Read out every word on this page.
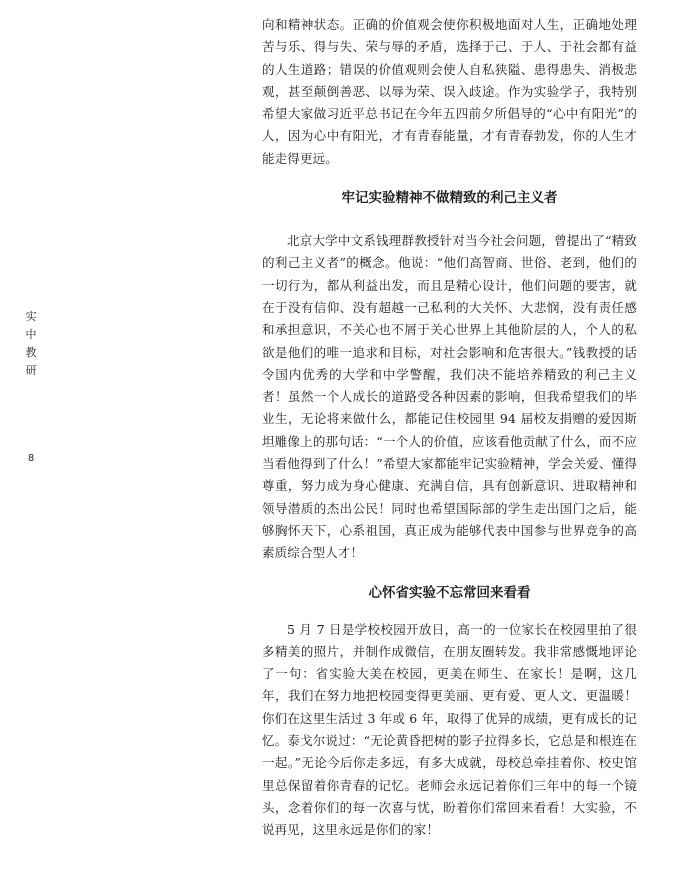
实中教研
8

向和精神状态。正确的价值观会使你积极地面对人生，正确地处理苦与乐、得与失、荣与辱的矛盾，选择于己、于人、于社会都有益的人生道路；错误的价值观则会使人自私狭隘、患得患失、消极悲观，甚至颠倒善恶、以辱为荣、误入歧途。作为实验学子，我特别希望大家做习近平总书记在今年五四前夕所倡导的“心中有阳光”的人，因为心中有阳光，才有青春能量，才有青春勃发，你的人生才能走得更远。

牢记实验精神不做精致的利己主义者

北京大学中文系钱理群教授针对当今社会问题，曾提出了“精致的利己主义者”的概念。他说：“他们高智商、世俗、老到，他们的一切行为，都从利益出发，而且是精心设计，他们问题的要害，就在于没有信仰、没有超越一己私利的大关怀、大悲悯，没有责任感和承担意识，不关心也不屑于关心世界上其他阶层的人，个人的私欲是他们的唯一追求和目标，对社会影响和危害很大。”钱教授的话令国内优秀的大学和中学警醒，我们决不能培养精致的利己主义者！虽然一个人成长的道路受各种因素的影响，但我希望我们的毕业生，无论将来做什么，都能记住校园里 94 届校友捐赠的爱因斯坦雕像上的那句话：“一个人的价值，应该看他贡献了什么，而不应当看他得到了什么！”希望大家都能牢记实验精神，学会关爱、懂得尊重，努力成为身心健康、充满自信，具有创新意识、进取精神和领导潜质的杰出公民！同时也希望国际部的学生走出国门之后，能够胸怀天下，心系祖国，真正成为能够代表中国参与世界竞争的高素质综合型人才！

心怀省实验不忘常回来看看

5 月 7 日是学校校园开放日，高一的一位家长在校园里拍了很多精美的照片，并制作成微信，在朋友圈转发。我非常感慨地评论了一句：省实验大美在校园，更美在师生、在家长！是啊，这几年，我们在努力地把校园变得更美丽、更有爱、更人文、更温暖！你们在这里生活过 3 年或 6 年，取得了优异的成绩，更有成长的记忆。泰戈尔说过：“无论黄昏把树的影子拉得多长，它总是和根连在一起。”无论今后你走多远，有多大成就，母校总牵挂着你、校史馆里总保留着你青春的记忆。老师会永远记着你们三年中的每一个镜头，念着你们的每一次喜与忧，盼着你们常回来看看！大实验，不说再见，这里永远是你们的家！
